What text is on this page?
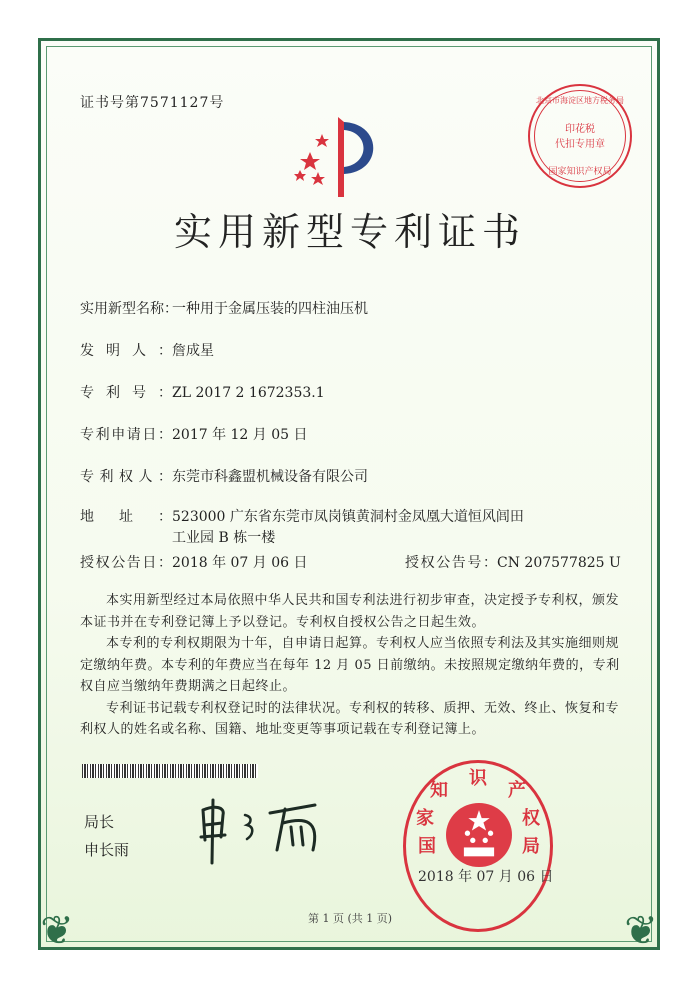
❦	❦
证书号第7571127号	北京市海淀区地方税务局
印花税
代扣专用章
国家知识产权局
实用新型专利证书
实用新型名称：一种用于金属压装的四柱油压机
发明人：詹成星
专利号：ZL 2017 2 1672353.1
专利申请日：2017 年 12 月 05 日
专利权人：东莞市科鑫盟机械设备有限公司
地址：523000 广东省东莞市凤岗镇黄洞村金凤凰大道恒风闾田
工业园 B 栋一楼
授权公告日：2018 年 07 月 06 日	授权公告号：CN 207577825 U

本实用新型经过本局依照中华人民共和国专利法进行初步审查，决定授予专利权，颁发本证书并在专利登记簿上予以登记。专利权自授权公告之日起生效。

本专利的专利权期限为十年，自申请日起算。专利权人应当依照专利法及其实施细则规定缴纳年费。本专利的年费应当在每年 12 月 05 日前缴纳。未按照规定缴纳年费的，专利权自应当缴纳年费期满之日起终止。

专利证书记载专利权登记时的法律状况。专利权的转移、质押、无效、终止、恢复和专利权人的姓名或名称、国籍、地址变更等事项记载在专利登记簿上。

局长
申长雨	国
家
知
识
产
权
局
2018 年 07 月 06 日
第 1 页 (共 1 页)
